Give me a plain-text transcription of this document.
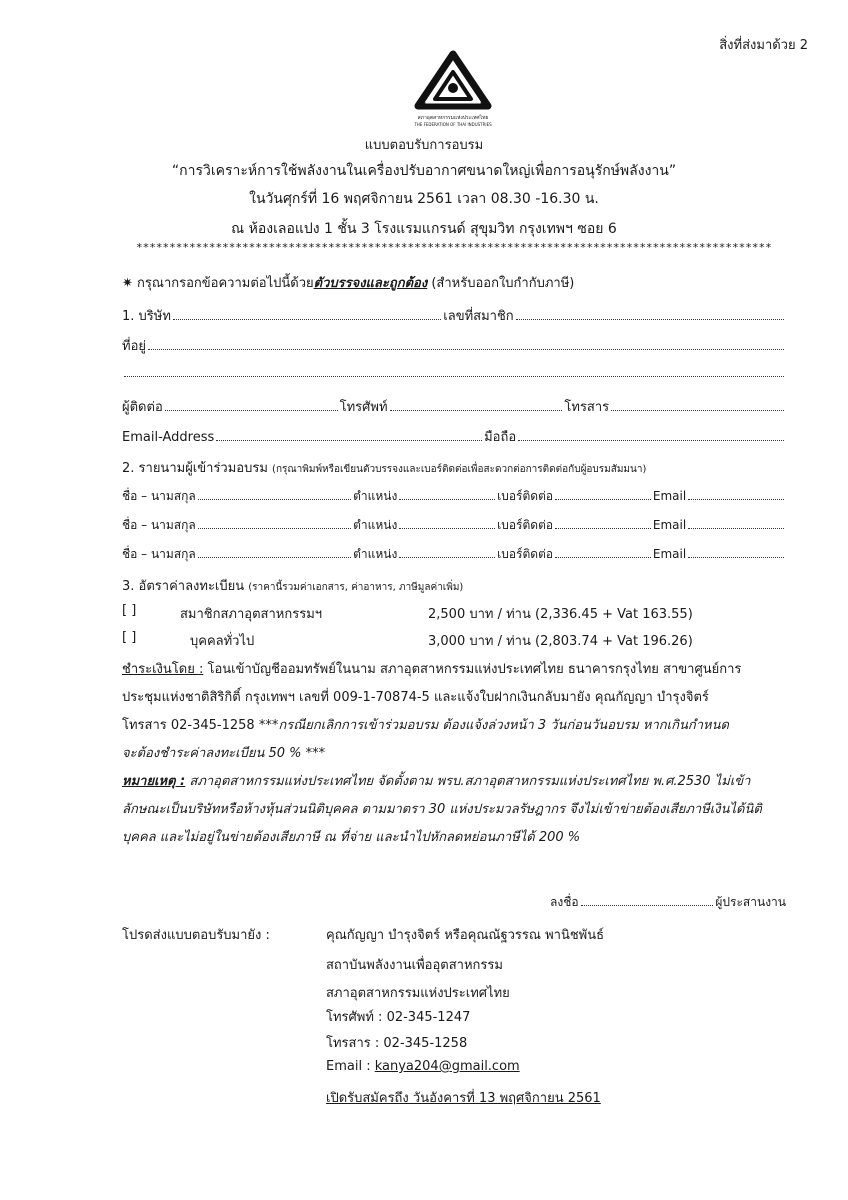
สิ่งที่ส่งมาด้วย 2
สภาอุตสาหกรรมแห่งประเทศไทย
THE FEDERATION OF THAI INDUSTRIES
แบบตอบรับการอบรม
“การวิเคราะห์การใช้พลังงานในเครื่องปรับอากาศขนาดใหญ่เพื่อการอนุรักษ์พลังงาน”
ในวันศุกร์ที่ 16 พฤศจิกายน 2561 เวลา 08.30 -16.30 น.
ณ ห้องเลอแปง 1 ชั้น 3 โรงแรมแกรนด์ สุขุมวิท กรุงเทพฯ ซอย 6
************************************************************************************************
✷ กรุณากรอกข้อความต่อไปนี้ด้วยตัวบรรจงและถูกต้อง (สำหรับออกใบกำกับภาษี)
1. บริษัท	เลขที่สมาชิก
ที่อยู่
ผู้ติดต่อ	โทรศัพท์	โทรสาร
Email-Address	มือถือ
2. รายนามผู้เข้าร่วมอบรม (กรุณาพิมพ์หรือเขียนตัวบรรจงและเบอร์ติดต่อเพื่อสะดวกต่อการติดต่อกับผู้อบรมสัมมนา)
ชื่อ – นามสกุล	ตำแหน่ง	เบอร์ติดต่อ	Email
ชื่อ – นามสกุล	ตำแหน่ง	เบอร์ติดต่อ	Email
ชื่อ – นามสกุล	ตำแหน่ง	เบอร์ติดต่อ	Email
3. อัตราค่าลงทะเบียน (ราคานี้รวมค่าเอกสาร, ค่าอาหาร, ภาษีมูลค่าเพิ่ม)
[ ]	สมาชิกสภาอุตสาหกรรมฯ	2,500 บาท / ท่าน (2,336.45 + Vat 163.55)
[ ]	บุคคลทั่วไป	3,000 บาท / ท่าน (2,803.74 + Vat 196.26)
ชำระเงินโดย : โอนเข้าบัญชีออมทรัพย์ในนาม สภาอุตสาหกรรมแห่งประเทศไทย ธนาคารกรุงไทย สาขาศูนย์การ
ประชุมแห่งชาติสิริกิติ์ กรุงเทพฯ เลขที่ 009-1-70874-5 และแจ้งใบฝากเงินกลับมายัง คุณกัญญา บำรุงจิตร์
โทรสาร 02-345-1258 ***กรณียกเลิกการเข้าร่วมอบรม ต้องแจ้งล่วงหน้า 3 วันก่อนวันอบรม หากเกินกำหนด
จะต้องชำระค่าลงทะเบียน 50 % ***
หมายเหตุ : สภาอุตสาหกรรมแห่งประเทศไทย จัดตั้งตาม พรบ.สภาอุตสาหกรรมแห่งประเทศไทย พ.ศ.2530 ไม่เข้า
ลักษณะเป็นบริษัทหรือห้างหุ้นส่วนนิติบุคคล ตามมาตรา 30 แห่งประมวลรัษฎากร จึงไม่เข้าข่ายต้องเสียภาษีเงินได้นิติ
บุคคล และไม่อยู่ในข่ายต้องเสียภาษี ณ ที่จ่าย และนำไปหักลดหย่อนภาษีได้ 200 %
ลงชื่อ	ผู้ประสานงาน
โปรดส่งแบบตอบรับมายัง :	คุณกัญญา บำรุงจิตร์ หรือคุณณัฐวรรณ พานิชพันธ์
สถาบันพลังงานเพื่ออุตสาหกรรม
สภาอุตสาหกรรมแห่งประเทศไทย
โทรศัพท์ : 02-345-1247
โทรสาร : 02-345-1258
Email : kanya204@gmail.com
เปิดรับสมัครถึง วันอังคารที่ 13 พฤศจิกายน 2561
